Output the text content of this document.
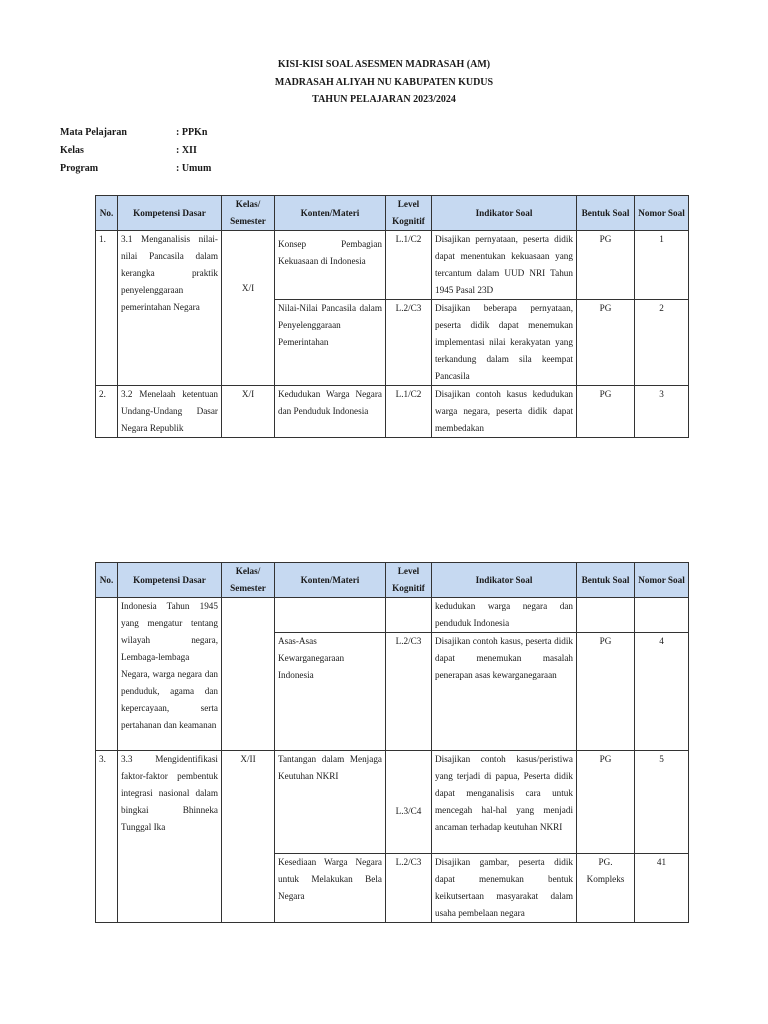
KISI-KISI SOAL ASESMEN MADRASAH (AM)
MADRASAH ALIYAH NU KABUPATEN KUDUS
TAHUN PELAJARAN 2023/2024
Mata Pelajaran	: PPKn
Kelas	: XII
Program	: Umum
No.	Kompetensi Dasar	Kelas/ Semester	Konten/Materi	Level Kognitif	Indikator Soal	Bentuk Soal	Nomor Soal
1.	3.1 Menganalisis nilai-nilai Pancasila dalam kerangka praktik penyelenggaraan pemerintahan Negara	X/I	Konsep Pembagian Kekuasaan di Indonesia	L.1/C2	Disajikan pernyataan, peserta didik dapat menentukan kekuasaan yang tercantum dalam UUD NRI Tahun 1945 Pasal 23D	PG	1
			Nilai-Nilai Pancasila dalam Penyelenggaraan Pemerintahan	L.2/C3	Disajikan beberapa pernyataan, peserta didik dapat menemukan implementasi nilai kerakyatan yang terkandung dalam sila keempat Pancasila	PG	2
2.	3.2 Menelaah ketentuan Undang-Undang Dasar Negara Republik	X/I	Kedudukan Warga Negara dan Penduduk Indonesia	L.1/C2	Disajikan contoh kasus kedudukan warga negara, peserta didik dapat membedakan	PG	3
No.	Kompetensi Dasar	Kelas/ Semester	Konten/Materi	Level Kognitif	Indikator Soal	Bentuk Soal	Nomor Soal
	Indonesia Tahun 1945 yang mengatur tentang wilayah negara, Lembaga-lembaga Negara, warga negara dan penduduk, agama dan kepercayaan, serta pertahanan dan keamanan				kedudukan warga negara dan penduduk Indonesia		
			Asas-Asas Kewarganegaraan Indonesia	L.2/C3	Disajikan contoh kasus, peserta didik dapat menemukan masalah penerapan asas kewarganegaraan	PG	4
3.	3.3 Mengidentifikasi faktor-faktor pembentuk integrasi nasional dalam bingkai Bhinneka Tunggal Ika	X/II	Tantangan dalam Menjaga Keutuhan NKRI	L.3/C4	Disajikan contoh kasus/peristiwa yang terjadi di papua, Peserta didik dapat menganalisis cara untuk mencegah hal-hal yang menjadi ancaman terhadap keutuhan NKRI	PG	5
			Kesediaan Warga Negara untuk Melakukan Bela Negara	L.2/C3	Disajikan gambar, peserta didik dapat menemukan bentuk keikutsertaan masyarakat dalam usaha pembelaan negara	PG. Kompleks	41
